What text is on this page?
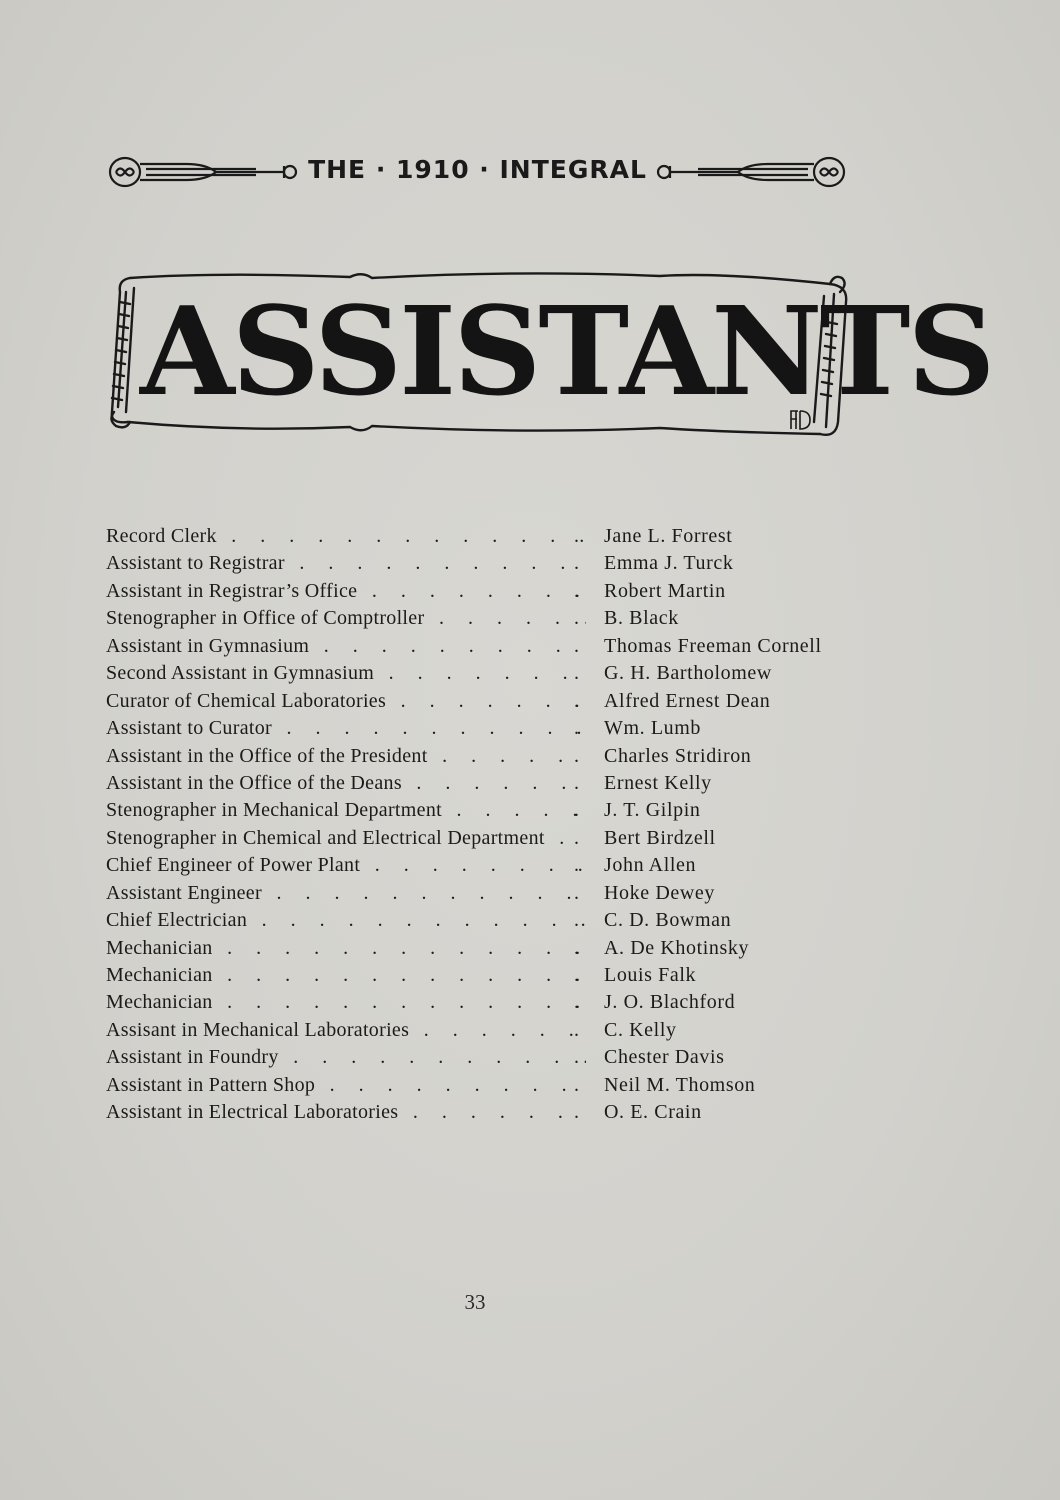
THE · 1910 · INTEGRAL
ASSISTANTS
Record Clerk . . .	. Jane L. Forrest
Assistant to Registrar . . .	. Emma J. Turck
Assistant in Registrar’s Office . . .	. Robert Martin
Stenographer in Office of Comptroller . . .	. B. Black
Assistant in Gymnasium . . .	. Thomas Freeman Cornell
Second Assistant in Gymnasium . . .	. G. H. Bartholomew
Curator of Chemical Laboratories . . .	. Alfred Ernest Dean
Assistant to Curator . . .	. Wm. Lumb
Assistant in the Office of the President . . .	. Charles Stridiron
Assistant in the Office of the Deans . . .	. Ernest Kelly
Stenographer in Mechanical Department . . .	. J. T. Gilpin
Stenographer in Chemical and Electrical Department . . .	. Bert Birdzell
Chief Engineer of Power Plant . . .	. John Allen
Assistant Engineer . . .	. Hoke Dewey
Chief Electrician . . .	. C. D. Bowman
Mechanician . . .	. A. De Khotinsky
Mechanician . . .	. Louis Falk
Mechanician . . .	. J. O. Blachford
Assisant in Mechanical Laboratories . . .	. C. Kelly
Assistant in Foundry . . .	. Chester Davis
Assistant in Pattern Shop . . .	. Neil M. Thomson
Assistant in Electrical Laboratories . . .	. O. E. Crain
33
